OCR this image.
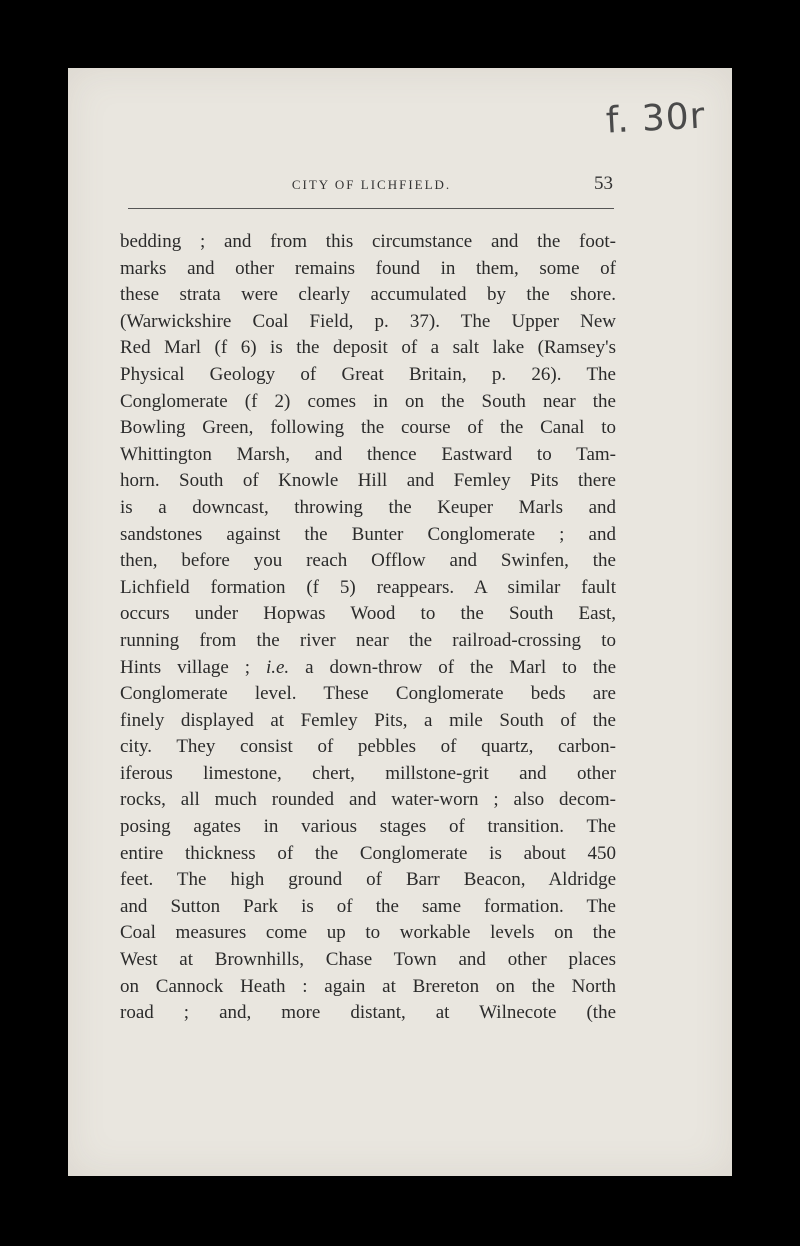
f. 30r
CITY OF LICHFIELD.	53
bedding ; and from this circumstance and the foot-
marks and other remains found in them, some of
these strata were clearly accumulated by the shore.
(Warwickshire Coal Field, p. 37). The Upper New
Red Marl (f 6) is the deposit of a salt lake (Ramsey's
Physical Geology of Great Britain, p. 26). The
Conglomerate (f 2) comes in on the South near the
Bowling Green, following the course of the Canal to
Whittington Marsh, and thence Eastward to Tam-
horn. South of Knowle Hill and Femley Pits there
is a downcast, throwing the Keuper Marls and
sandstones against the Bunter Conglomerate ; and
then, before you reach Offlow and Swinfen, the
Lichfield formation (f 5) reappears. A similar fault
occurs under Hopwas Wood to the South East,
running from the river near the railroad-crossing to
Hints village ; i.e. a down-throw of the Marl to the
Conglomerate level. These Conglomerate beds are
finely displayed at Femley Pits, a mile South of the
city. They consist of pebbles of quartz, carbon-
iferous limestone, chert, millstone-grit and other
rocks, all much rounded and water-worn ; also decom-
posing agates in various stages of transition. The
entire thickness of the Conglomerate is about 450
feet. The high ground of Barr Beacon, Aldridge
and Sutton Park is of the same formation. The
Coal measures come up to workable levels on the
West at Brownhills, Chase Town and other places
on Cannock Heath : again at Brereton on the North
road ; and, more distant, at Wilnecote (the
